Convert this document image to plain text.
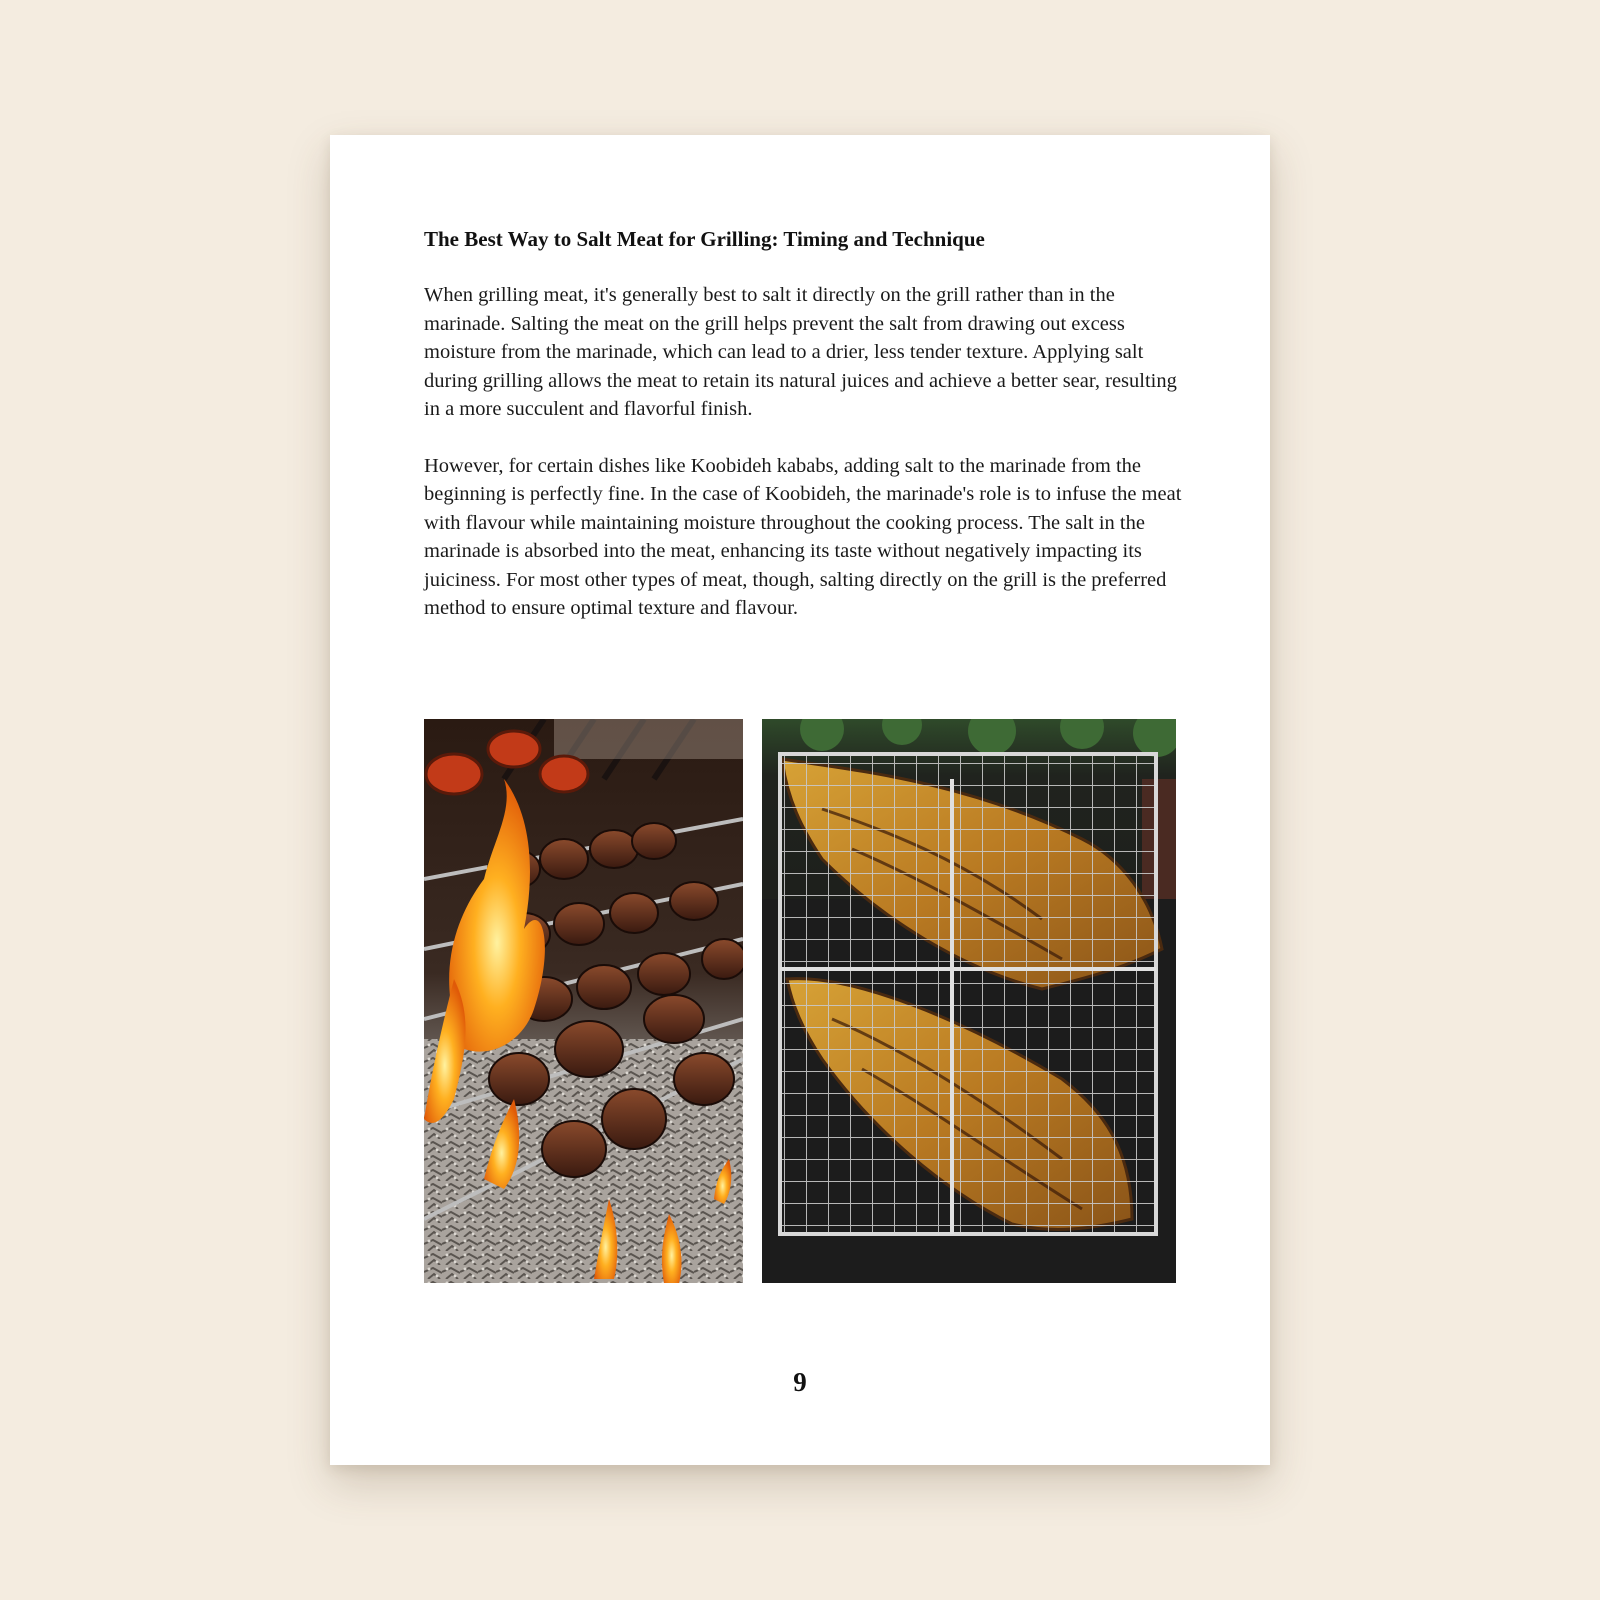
The Best Way to Salt Meat for Grilling: Timing and Technique

When grilling meat, it's generally best to salt it directly on the grill rather than in the marinade. Salting the meat on the grill helps prevent the salt from drawing out excess moisture from the marinade, which can lead to a drier, less tender texture. Applying salt during grilling allows the meat to retain its natural juices and achieve a better sear, resulting in a more succulent and flavorful finish.

However, for certain dishes like Koobideh kababs, adding salt to the marinade from the beginning is perfectly fine. In the case of Koobideh, the marinade's role is to infuse the meat with flavour while maintaining moisture throughout the cooking process. The salt in the marinade is absorbed into the meat, enhancing its taste without negatively impacting its juiciness. For most other types of meat, though, salting directly on the grill is the preferred method to ensure optimal texture and flavour.

9
